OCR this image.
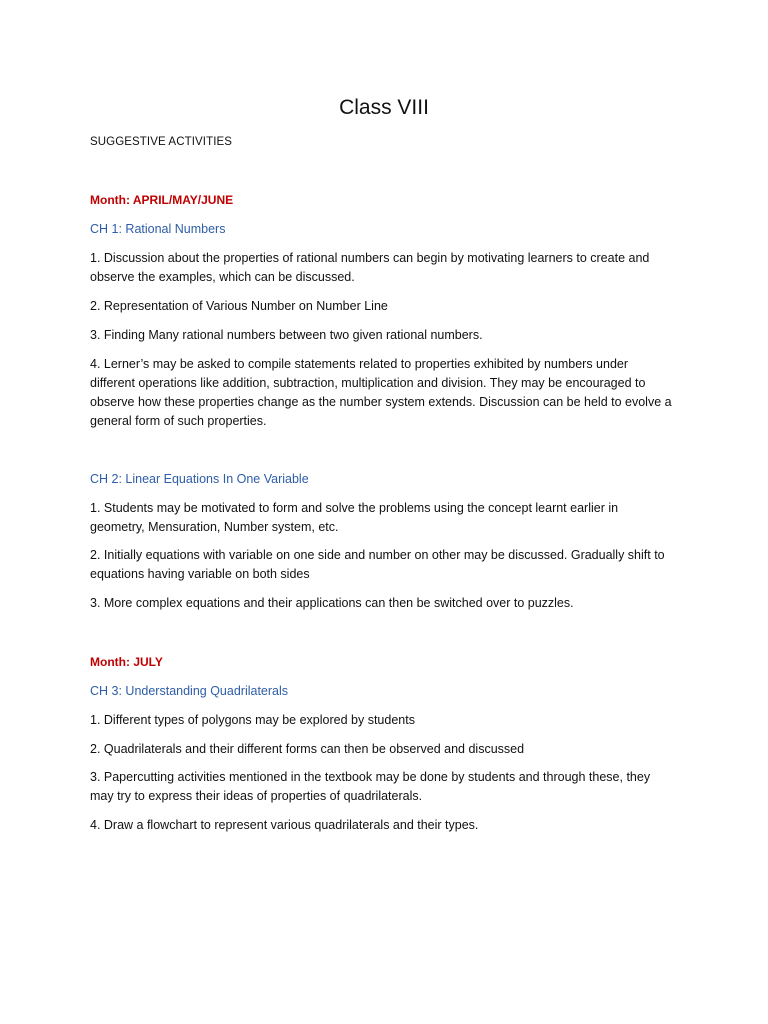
Class VIII
SUGGESTIVE ACTIVITIES
Month: APRIL/MAY/JUNE
CH 1: Rational Numbers
1. Discussion about the properties of rational numbers can begin by motivating learners to create and
observe the examples, which can be discussed.
2. Representation of Various Number on Number Line
3. Finding Many rational numbers between two given rational numbers.
4. Lerner’s may be asked to compile statements related to properties exhibited by numbers under
different operations like addition, subtraction, multiplication and division. They may be encouraged to
observe how these properties change as the number system extends. Discussion can be held to evolve a
general form of such properties.
CH 2: Linear Equations In One Variable
1. Students may be motivated to form and solve the problems using the concept learnt earlier in
geometry, Mensuration, Number system, etc.
2. Initially equations with variable on one side and number on other may be discussed. Gradually shift to
equations having variable on both sides
3. More complex equations and their applications can then be switched over to puzzles.
Month: JULY
CH 3: Understanding Quadrilaterals
1. Different types of polygons may be explored by students
2. Quadrilaterals and their different forms can then be observed and discussed
3. Papercutting activities mentioned in the textbook may be done by students and through these, they
may try to express their ideas of properties of quadrilaterals.
4. Draw a flowchart to represent various quadrilaterals and their types.
